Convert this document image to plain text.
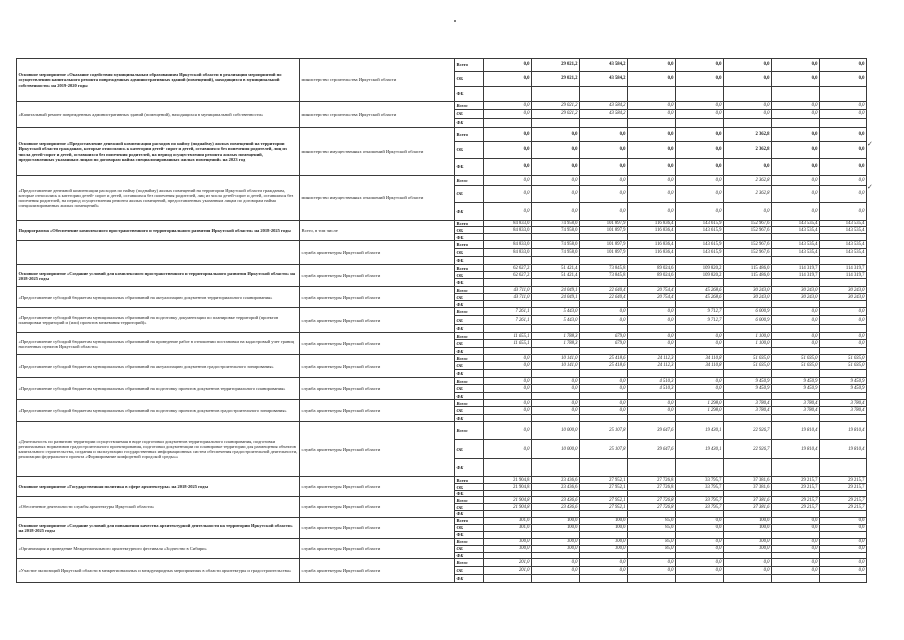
Основное мероприятие «Оказание содействия муниципальным образованиям Иркутской области в реализации мероприятий по осуществлению капитального ремонта поврежденных административных зданий (помещений), находящихся в муниципальной собственности» на 2019-2020 годы	министерство строительства Иркутской области	Всего	0,0	29 021,2	43 584,2	0,0	0,0	0,0	0,0	0,0
		ОБ	0,0	29 021,2	43 584,2	0,0	0,0	0,0	0,0	0,0
		ФБ								
«Капитальный ремонт поврежденных административных зданий (помещений), находящихся в муниципальной собственности»	министерство строительства Иркутской области	Всего	0,0	29 021,2	43 584,2	0,0	0,0	0,0	0,0	0,0
		ОБ	0,0	29 021,2	43 584,2	0,0	0,0	0,0	0,0	0,0
		ФБ								
Основное мероприятие «Предоставление денежной компенсации расходов по найму (поднайму) жилых помещений на территории Иркутской области гражданам, которые относились к категории детей- сирот и детей, оставшихся без попечения родителей, лиц из числа детей-сирот и детей, оставшихся без попечения родителей, на период осуществления ремонта жилых помещений, предоставленных указанным лицам по договорам найма специализированных жилых помещений» на 2023 год	министерство имущественных отношений Иркутской области	Всего	0,0	0,0	0,0	0,0	0,0	2 362,8	0,0	0,0
		ОБ	0,0	0,0	0,0	0,0	0,0	2 362,8	0,0	0,0
		ФБ	0,0	0,0	0,0	0,0	0,0	0,0	0,0	0,0
«Предоставление денежной компенсации расходов по найму (поднайму) жилых помещений на территории Иркутской области гражданам, которые относились к категории детей- сирот и детей, оставшихся без попечения родителей, лиц из числа детей-сирот и детей, оставшихся без попечения родителей, на период осуществления ремонта жилых помещений, предоставленных указанным лицам по договорам найма специализированных жилых помещений»	министерство имущественных отношений Иркутской области	Всего	0,0	0,0	0,0	0,0	0,0	2 362,8	0,0	0,0
		ОБ	0,0	0,0	0,0	0,0	0,0	2 362,8	0,0	0,0
		ФБ	0,0	0,0	0,0	0,0	0,0	0,0	0,0	0,0
Подпрограмма «Обеспечение комплексного пространственного и территориального развития Иркутской области» на 2018-2025 годы	Всего, в том числе	Всего	84 833,0	74 958,0	101 897,9	116 836,4	143 615,9	152 967,6	143 535,4	143 535,4
		ОБ	84 833,0	74 958,0	101 897,9	116 836,4	143 615,9	152 967,6	143 535,4	143 535,4
		ФБ								
	служба архитектуры Иркутской области	Всего	84 833,0	74 958,0	101 897,9	116 836,4	143 615,9	152 967,6	143 535,4	143 535,4
		ОБ	84 833,0	74 958,0	101 897,9	116 836,4	143 615,9	152 967,6	143 535,4	143 535,4
		ФБ								
Основное мероприятие «Создание условий для комплексного пространственного и территориального развития Иркутской области» на 2018-2025 годы	служба архитектуры Иркутской области	Всего	62 627,2	51 421,4	73 845,8	89 024,6	109 820,2	115 486,0	114 319,7	114 319,7
		ОБ	62 627,2	51 421,4	73 845,8	89 024,6	109 820,2	115 486,0	114 319,7	114 319,7
		ФБ								
«Предоставление субсидий бюджетам муниципальных образований на актуализацию документов территориального планирования»	служба архитектуры Иркутской области	Всего	43 711,0	24 049,1	22 640,4	20 754,4	45 268,6	30 243,0	30 243,0	30 243,0
		ОБ	43 711,0	24 049,1	22 640,4	20 754,4	45 268,6	30 243,0	30 243,0	30 243,0
		ФБ								
«Предоставление субсидий бюджетам муниципальных образований на подготовку документации по планировке территорий (проектов планировки территорий и (или) проектов межевания территорий)»	служба архитектуры Иркутской области	Всего	7 261,1	5 443,0	0,0	0,0	9 712,7	6 000,9	0,0	0,0
		ОБ	7 261,1	5 443,0	0,0	0,0	9 712,7	6 000,9	0,0	0,0
		ФБ								
«Предоставление субсидий бюджетам муниципальных образований на проведение работ в отношении постановки на кадастровый учет границ населенных пунктов Иркутской области»	служба архитектуры Иркутской области	Всего	11 655,1	1 788,3	679,0	0,0	0,0	1 100,0	0,0	0,0
		ОБ	11 655,1	1 788,3	679,0	0,0	0,0	1 100,0	0,0	0,0
		ФБ								
«Предоставление субсидий бюджетам муниципальных образований на актуализацию документов градостроительного зонирования»	служба архитектуры Иркутской области	Всего	0,0	10 141,0	25 418,6	24 112,3	34 110,8	51 035,0	51 035,0	51 035,0
		ОБ	0,0	10 141,0	25 418,6	24 112,3	34 110,8	51 035,0	51 035,0	51 035,0
		ФБ								
«Предоставление субсидий бюджетам муниципальных образований на подготовку проектов документов территориального планирования»	служба архитектуры Иркутской области	Всего	0,0	0,0	0,0	4 510,3	0,0	9 450,9	9 450,9	9 450,9
		ОБ	0,0	0,0	0,0	4 510,3	0,0	9 450,9	9 450,9	9 450,9
		ФБ								
«Предоставление субсидий бюджетам муниципальных образований на подготовку проектов документов градостроительного зонирования»	служба архитектуры Иркутской области	Всего	0,0	0,0	0,0	0,0	1 298,0	3 780,4	3 780,4	3 780,4
		ОБ	0,0	0,0	0,0	0,0	1 298,0	3 780,4	3 780,4	3 780,4
		ФБ								
«Деятельность по развитию территории осуществляемая в виде подготовки документов территориального планирования, подготовки региональных нормативов градостроительного проектирования, подготовки документации по планировке территории для размещения объектов капитального строительства, создания и эксплуатации государственных информационных систем обеспечения градостроительной деятельности, реализации федерального проекта «Формирование комфортной городской среды»»	служба архитектуры Иркутской области	Всего	0,0	10 000,0	25 107,8	39 647,6	19 430,1	22 926,7	19 810,4	19 810,4
		ОБ	0,0	10 000,0	25 107,8	39 647,6	19 430,1	22 926,7	19 810,4	19 810,4
		ФБ								
Основное мероприятие «Государственная политика в сфере архитектуры» на 2018-2025 годы	служба архитектуры Иркутской области	Всего	21 904,8	23 436,6	27 952,1	27 726,8	33 795,7	37 381,6	29 215,7	29 215,7
		ОБ	21 904,8	23 436,6	27 952,1	27 726,8	33 795,7	37 381,6	29 215,7	29 215,7
		ФБ								
«Обеспечение деятельности службы архитектуры Иркутской области»	служба архитектуры Иркутской области	Всего	21 904,8	23 436,6	27 952,1	27 726,8	33 795,7	37 381,6	29 215,7	29 215,7
		ОБ	21 904,8	23 436,6	27 952,1	27 726,8	33 795,7	37 381,6	29 215,7	29 215,7
		ФБ								
Основное мероприятие «Создание условий для повышения качества архитектурной деятельности на территории Иркутской области» на 2018-2025 годы	служба архитектуры Иркутской области	Всего	301,0	100,0	100,0	85,0	0,0	100,0	0,0	0,0
		ОБ	301,0	100,0	100,0	85,0	0,0	100,0	0,0	0,0
		ФБ								
«Организация и проведение Межрегионального архитектурного фестиваля «Зодчество в Сибири»	служба архитектуры Иркутской области	Всего	100,0	100,0	100,0	85,0	0,0	100,0	0,0	0,0
		ОБ	100,0	100,0	100,0	85,0	0,0	100,0	0,0	0,0
		ФБ								
«Участие экспозиций Иркутской области в межрегиональных и международных мероприятиях в области архитектуры и градостроительства»	служба архитектуры Иркутской области	Всего	201,0	0,0	0,0	0,0	0,0	0,0	0,0	0,0
		ОБ	201,0	0,0	0,0	0,0	0,0	0,0	0,0	0,0
		ФБ								
✓
✓
